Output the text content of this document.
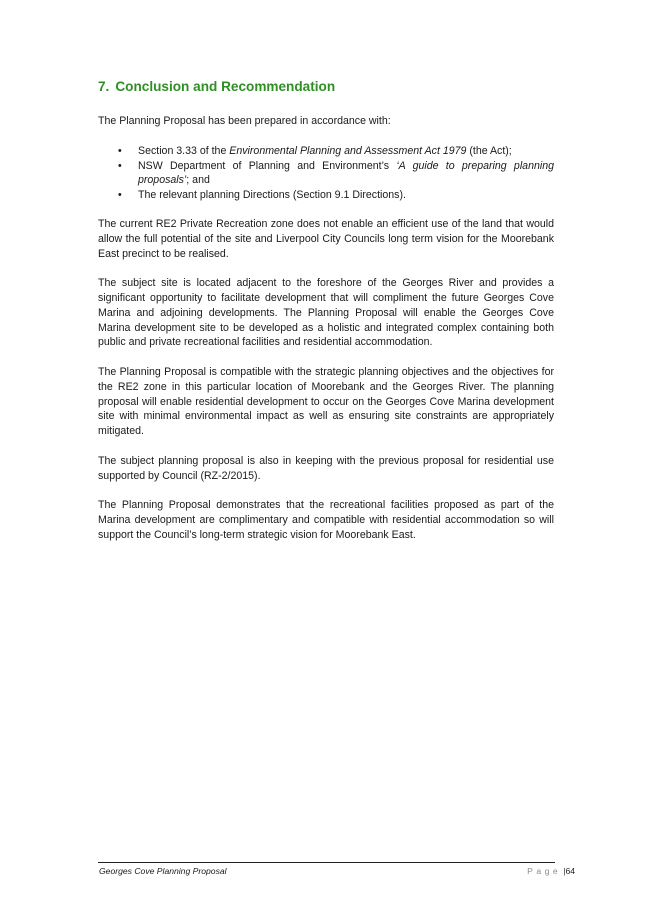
7. Conclusion and Recommendation

The Planning Proposal has been prepared in accordance with:

• Section 3.33 of the Environmental Planning and Assessment Act 1979 (the Act);
• NSW Department of Planning and Environment’s ‘A guide to preparing planning proposals’; and
• The relevant planning Directions (Section 9.1 Directions).

The current RE2 Private Recreation zone does not enable an efficient use of the land that would allow the full potential of the site and Liverpool City Councils long term vision for the Moorebank East precinct to be realised.

The subject site is located adjacent to the foreshore of the Georges River and provides a significant opportunity to facilitate development that will compliment the future Georges Cove Marina and adjoining developments. The Planning Proposal will enable the Georges Cove Marina development site to be developed as a holistic and integrated complex containing both public and private recreational facilities and residential accommodation.

The Planning Proposal is compatible with the strategic planning objectives and the objectives for the RE2 zone in this particular location of Moorebank and the Georges River. The planning proposal will enable residential development to occur on the Georges Cove Marina development site with minimal environmental impact as well as ensuring site constraints are appropriately mitigated.

The subject planning proposal is also in keeping with the previous proposal for residential use supported by Council (RZ-2/2015).

The Planning Proposal demonstrates that the recreational facilities proposed as part of the Marina development are complimentary and compatible with residential accommodation so will support the Council’s long-term strategic vision for Moorebank East.

Georges Cove Planning Proposal	Page |64
